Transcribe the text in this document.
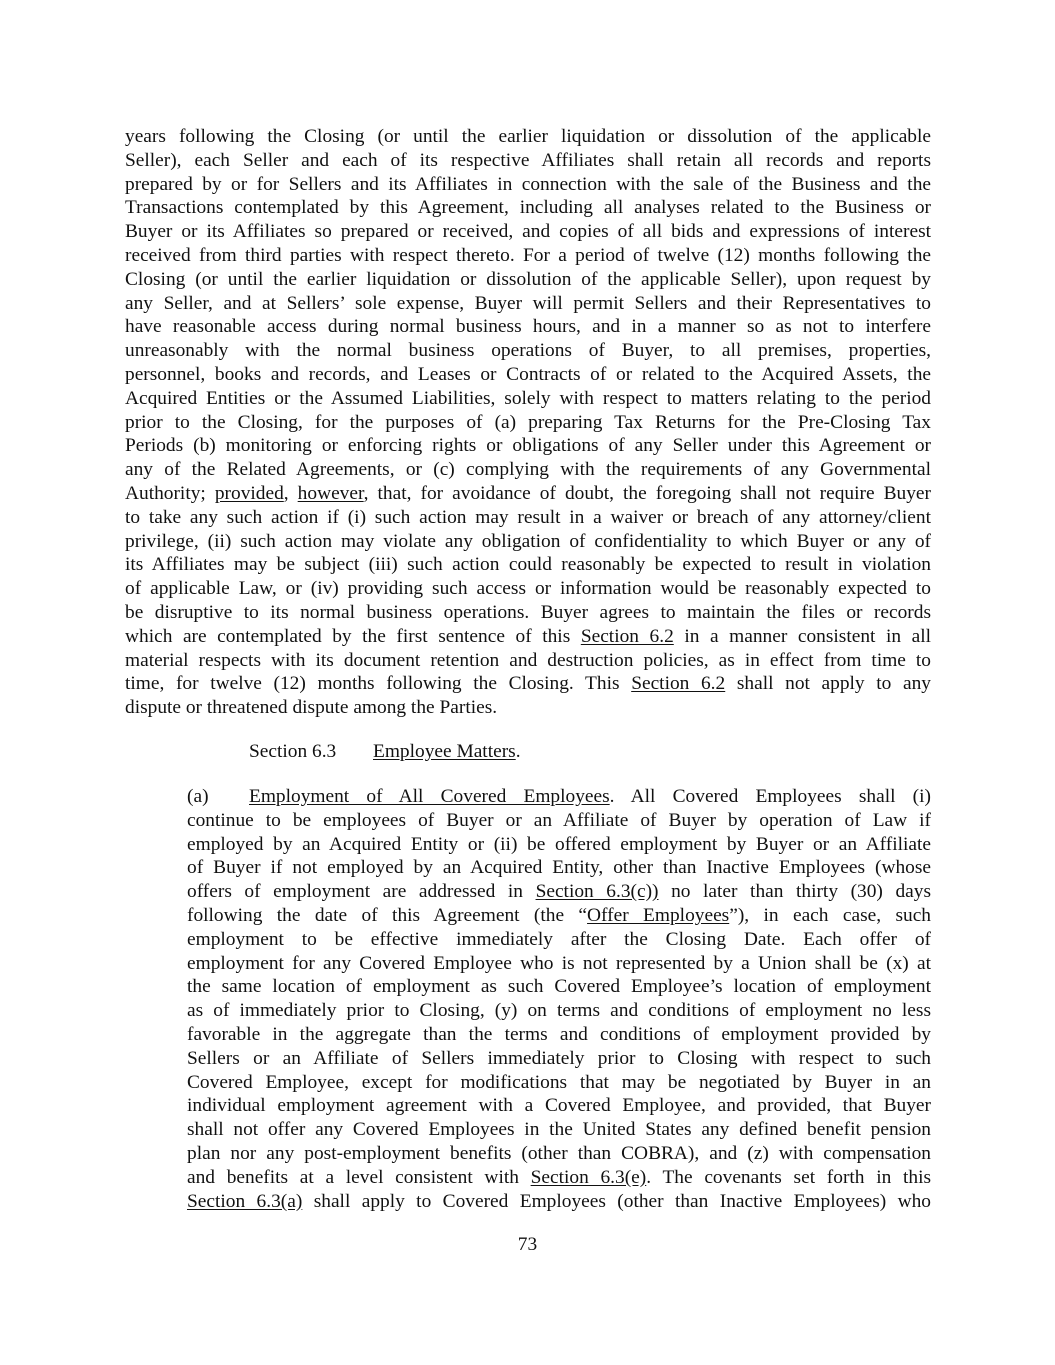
years following the Closing (or until the earlier liquidation or dissolution of the applicable
Seller), each Seller and each of its respective Affiliates shall retain all records and reports
prepared by or for Sellers and its Affiliates in connection with the sale of the Business and the
Transactions contemplated by this Agreement, including all analyses related to the Business or
Buyer or its Affiliates so prepared or received, and copies of all bids and expressions of interest
received from third parties with respect thereto. For a period of twelve (12) months following the
Closing (or until the earlier liquidation or dissolution of the applicable Seller), upon request by
any Seller, and at Sellers’ sole expense, Buyer will permit Sellers and their Representatives to
have reasonable access during normal business hours, and in a manner so as not to interfere
unreasonably with the normal business operations of Buyer, to all premises, properties,
personnel, books and records, and Leases or Contracts of or related to the Acquired Assets, the
Acquired Entities or the Assumed Liabilities, solely with respect to matters relating to the period
prior to the Closing, for the purposes of (a) preparing Tax Returns for the Pre-Closing Tax
Periods (b) monitoring or enforcing rights or obligations of any Seller under this Agreement or
any of the Related Agreements, or (c) complying with the requirements of any Governmental
Authority; provided, however, that, for avoidance of doubt, the foregoing shall not require Buyer
to take any such action if (i) such action may result in a waiver or breach of any attorney/client
privilege, (ii) such action may violate any obligation of confidentiality to which Buyer or any of
its Affiliates may be subject (iii) such action could reasonably be expected to result in violation
of applicable Law, or (iv) providing such access or information would be reasonably expected to
be disruptive to its normal business operations. Buyer agrees to maintain the files or records
which are contemplated by the first sentence of this Section 6.2 in a manner consistent in all
material respects with its document retention and destruction policies, as in effect from time to
time, for twelve (12) months following the Closing. This Section 6.2 shall not apply to any
dispute or threatened dispute among the Parties.
Section 6.3 Employee Matters.
(a) Employment of All Covered Employees. All Covered Employees shall (i)
continue to be employees of Buyer or an Affiliate of Buyer by operation of Law if
employed by an Acquired Entity or (ii) be offered employment by Buyer or an Affiliate
of Buyer if not employed by an Acquired Entity, other than Inactive Employees (whose
offers of employment are addressed in Section 6.3(c)) no later than thirty (30) days
following the date of this Agreement (the “Offer Employees”), in each case, such
employment to be effective immediately after the Closing Date. Each offer of
employment for any Covered Employee who is not represented by a Union shall be (x) at
the same location of employment as such Covered Employee’s location of employment
as of immediately prior to Closing, (y) on terms and conditions of employment no less
favorable in the aggregate than the terms and conditions of employment provided by
Sellers or an Affiliate of Sellers immediately prior to Closing with respect to such
Covered Employee, except for modifications that may be negotiated by Buyer in an
individual employment agreement with a Covered Employee, and provided, that Buyer
shall not offer any Covered Employees in the United States any defined benefit pension
plan nor any post-employment benefits (other than COBRA), and (z) with compensation
and benefits at a level consistent with Section 6.3(e). The covenants set forth in this
Section 6.3(a) shall apply to Covered Employees (other than Inactive Employees) who
73
